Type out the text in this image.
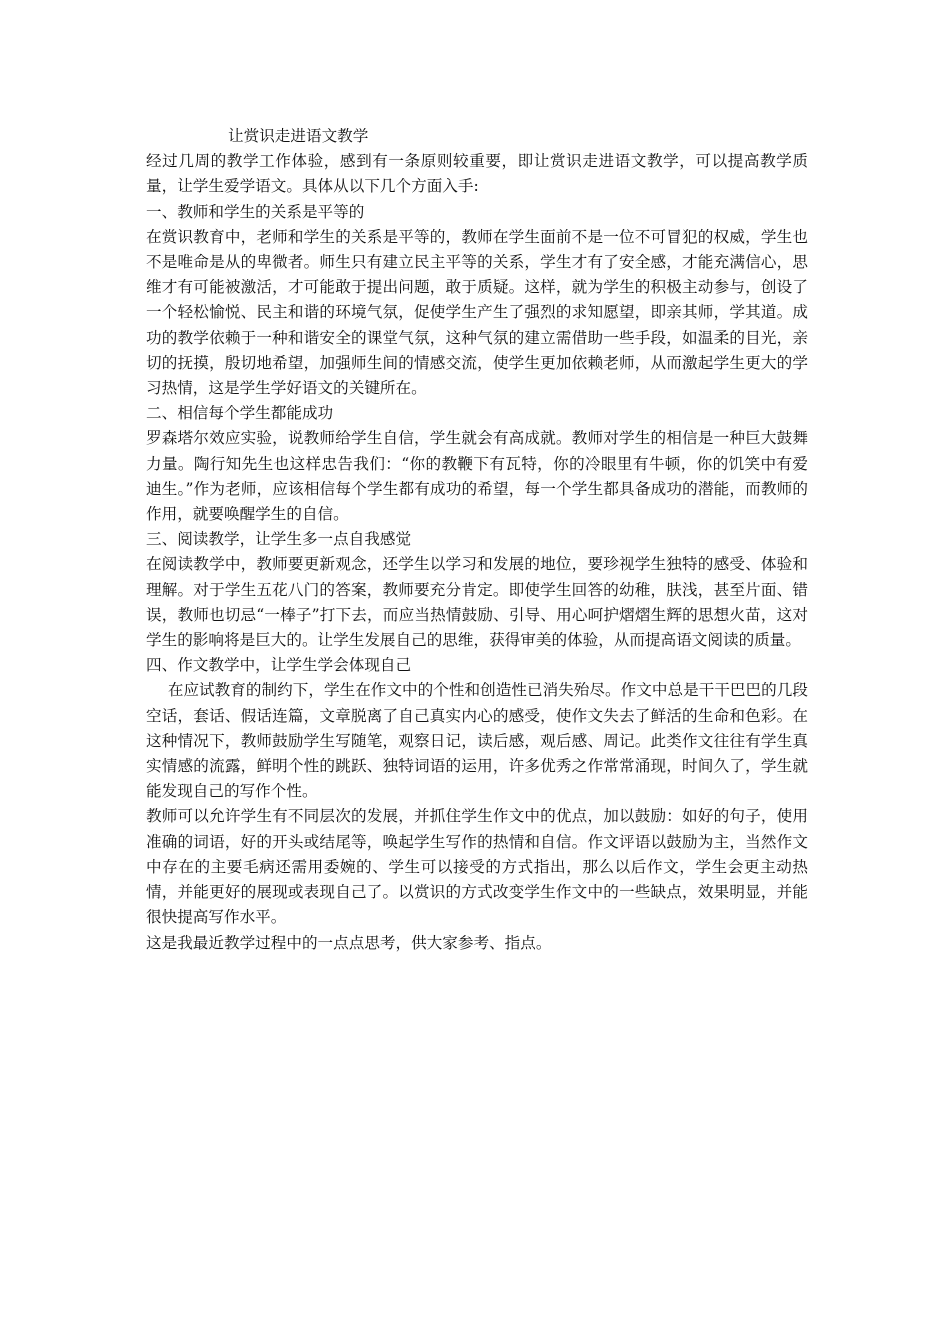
让赏识走进语文教学

经过几周的教学工作体验，感到有一条原则较重要，即让赏识走进语文教学，可以提高教学质量，让学生爱学语文。具体从以下几个方面入手:

一、教师和学生的关系是平等的

在赏识教育中，老师和学生的关系是平等的，教师在学生面前不是一位不可冒犯的权威，学生也不是唯命是从的卑微者。师生只有建立民主平等的关系，学生才有了安全感，才能充满信心，思维才有可能被激活，才可能敢于提出问题，敢于质疑。这样，就为学生的积极主动参与，创设了一个轻松愉悦、民主和谐的环境气氛，促使学生产生了强烈的求知愿望，即亲其师，学其道。成功的教学依赖于一种和谐安全的课堂气氛，这种气氛的建立需借助一些手段，如温柔的目光，亲切的抚摸，殷切地希望，加强师生间的情感交流，使学生更加依赖老师，从而激起学生更大的学习热情，这是学生学好语文的关键所在。

二、相信每个学生都能成功

罗森塔尔效应实验，说教师给学生自信，学生就会有高成就。教师对学生的相信是一种巨大鼓舞力量。陶行知先生也这样忠告我们：“你的教鞭下有瓦特，你的冷眼里有牛顿，你的饥笑中有爱迪生。”作为老师，应该相信每个学生都有成功的希望，每一个学生都具备成功的潜能，而教师的作用，就要唤醒学生的自信。

三、阅读教学，让学生多一点自我感觉

在阅读教学中，教师要更新观念，还学生以学习和发展的地位，要珍视学生独特的感受、体验和理解。对于学生五花八门的答案，教师要充分肯定。即使学生回答的幼稚，肤浅，甚至片面、错误，教师也切忌“一棒子”打下去，而应当热情鼓励、引导、用心呵护熠熠生辉的思想火苗，这对学生的影响将是巨大的。让学生发展自己的思维，获得审美的体验，从而提高语文阅读的质量。

四、作文教学中，让学生学会体现自己

在应试教育的制约下，学生在作文中的个性和创造性已消失殆尽。作文中总是干干巴巴的几段空话，套话、假话连篇，文章脱离了自己真实内心的感受，使作文失去了鲜活的生命和色彩。在这种情况下，教师鼓励学生写随笔，观察日记，读后感，观后感、周记。此类作文往往有学生真实情感的流露，鲜明个性的跳跃、独特词语的运用，许多优秀之作常常涌现，时间久了，学生就能发现自己的写作个性。

教师可以允许学生有不同层次的发展，并抓住学生作文中的优点，加以鼓励：如好的句子，使用准确的词语，好的开头或结尾等，唤起学生写作的热情和自信。作文评语以鼓励为主，当然作文中存在的主要毛病还需用委婉的、学生可以接受的方式指出，那么以后作文，学生会更主动热情，并能更好的展现或表现自己了。以赏识的方式改变学生作文中的一些缺点，效果明显，并能很快提高写作水平。

这是我最近教学过程中的一点点思考，供大家参考、指点。
